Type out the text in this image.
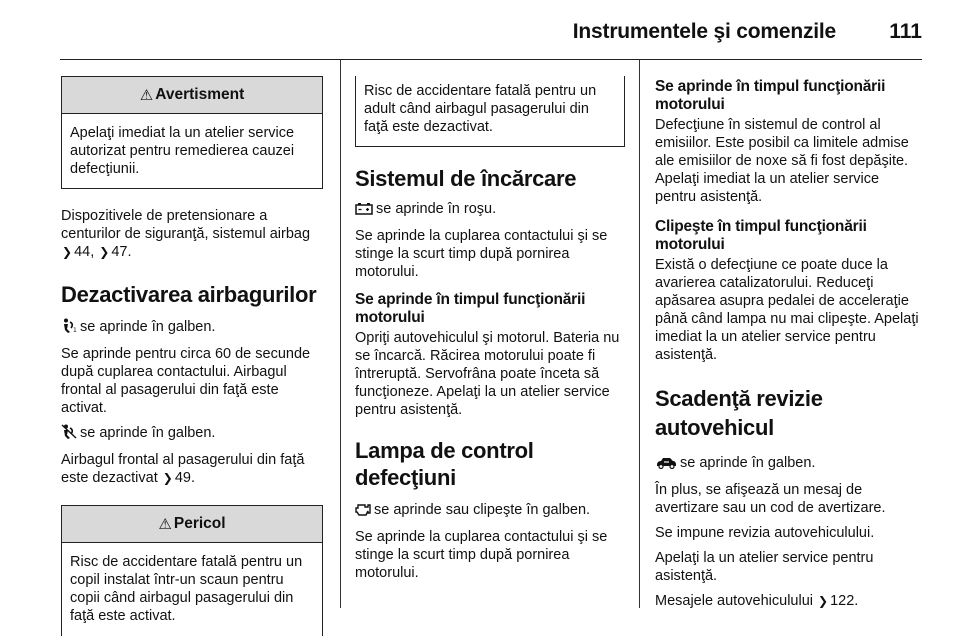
Instrumentele şi comenzile	111
⚠ Avertisment

Apelaţi imediat la un atelier service autorizat pentru remedierea cauzei defecţiunii.

Dispozitivele de pretensionare a centurilor de siguranţă, sistemul airbag ❯ 44, ❯ 47.

Dezactivarea airbagurilor

1 se aprinde în galben.

Se aprinde pentru circa 60 de secunde după cuplarea contactului. Airbagul frontal al pasagerului din faţă este activat.

se aprinde în galben.

Airbagul frontal al pasagerului din faţă este dezactivat ❯ 49.

⚠ Pericol

Risc de accidentare fatală pentru un copil instalat într-un scaun pentru copii când airbagul pasagerului din faţă este activat.

Risc de accidentare fatală pentru un adult când airbagul pasagerului din faţă este dezactivat.

Sistemul de încărcare

se aprinde în roşu.

Se aprinde la cuplarea contactului şi se stinge la scurt timp după pornirea motorului.

Se aprinde în timpul funcţionării motorului

Opriţi autovehiculul şi motorul. Bateria nu se încarcă. Răcirea motorului poate fi întreruptă. Servofrâna poate înceta să funcţioneze. Apelaţi la un atelier service pentru asistenţă.

Lampa de control defecţiuni

se aprinde sau clipeşte în galben.

Se aprinde la cuplarea contactului şi se stinge la scurt timp după pornirea motorului.

Se aprinde în timpul funcţionării motorului

Defecţiune în sistemul de control al emisiilor. Este posibil ca limitele admise ale emisiilor de noxe să fi fost depăşite. Apelaţi imediat la un atelier service pentru asistenţă.

Clipeşte în timpul funcţionării motorului

Există o defecţiune ce poate duce la avarierea catalizatorului. Reduceţi apăsarea asupra pedalei de acceleraţie până când lampa nu mai clipeşte. Apelaţi imediat la un atelier service pentru asistenţă.

Scadenţă revizie autovehicul

se aprinde în galben.

În plus, se afişează un mesaj de avertizare sau un cod de avertizare.

Se impune revizia autovehiculului.

Apelaţi la un atelier service pentru asistenţă.

Mesajele autovehiculului ❯ 122.
